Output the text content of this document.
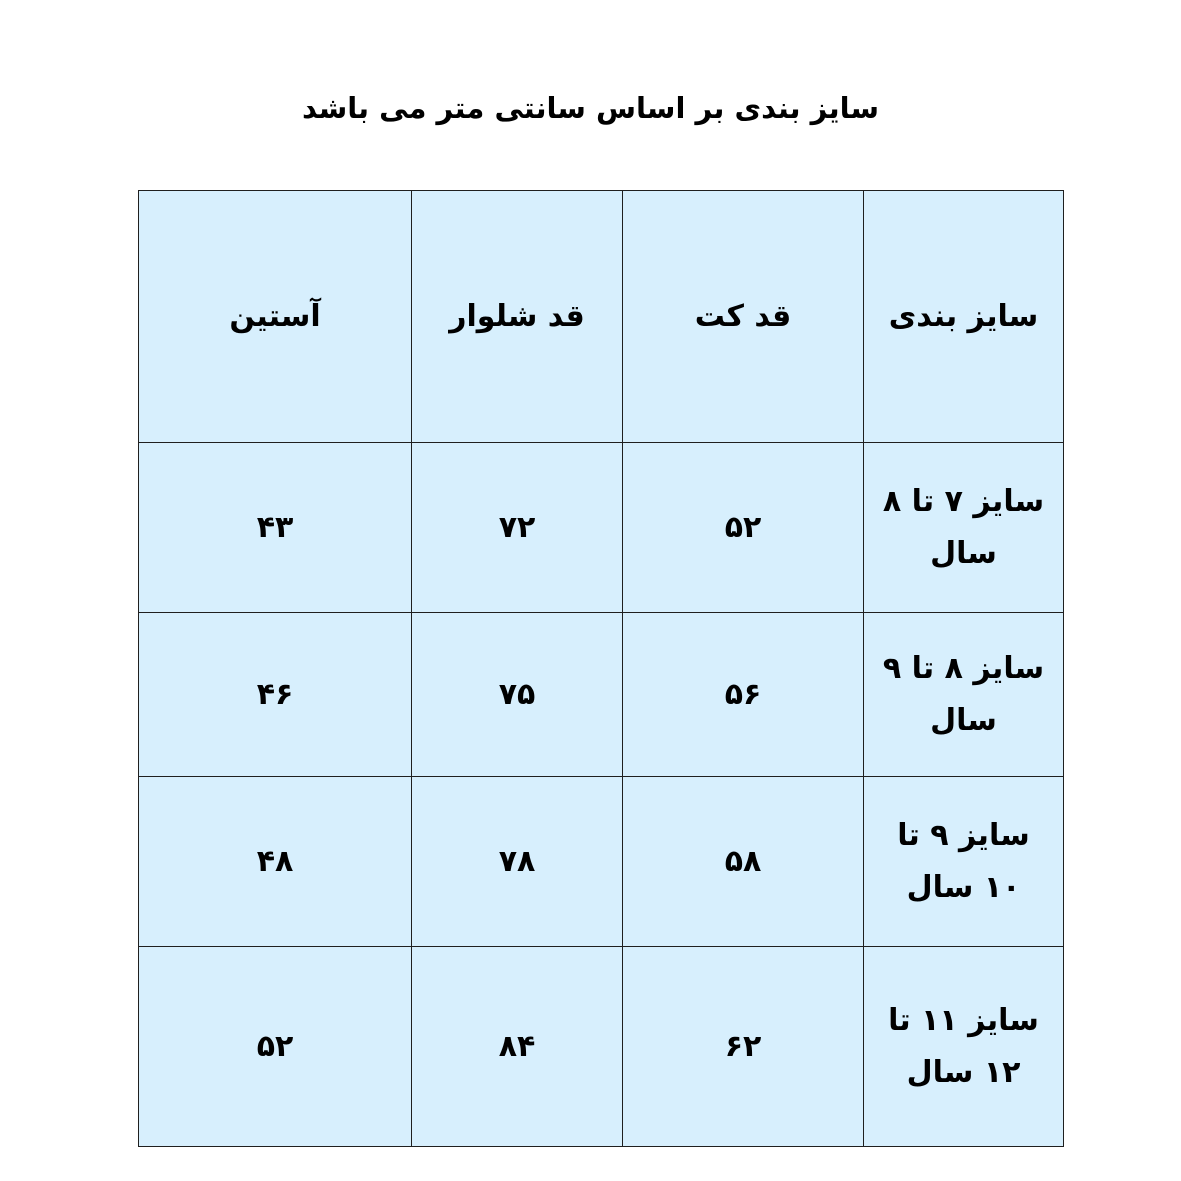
سایز بندی بر اساس سانتی متر می باشد
سایز بندی	قد کت	قد شلوار	آستین
سایز ۷ تا ۸ سال	۵۲	۷۲	۴۳
سایز ۸ تا ۹ سال	۵۶	۷۵	۴۶
سایز ۹ تا ۱۰ سال	۵۸	۷۸	۴۸
سایز ۱۱ تا ۱۲ سال	۶۲	۸۴	۵۲
